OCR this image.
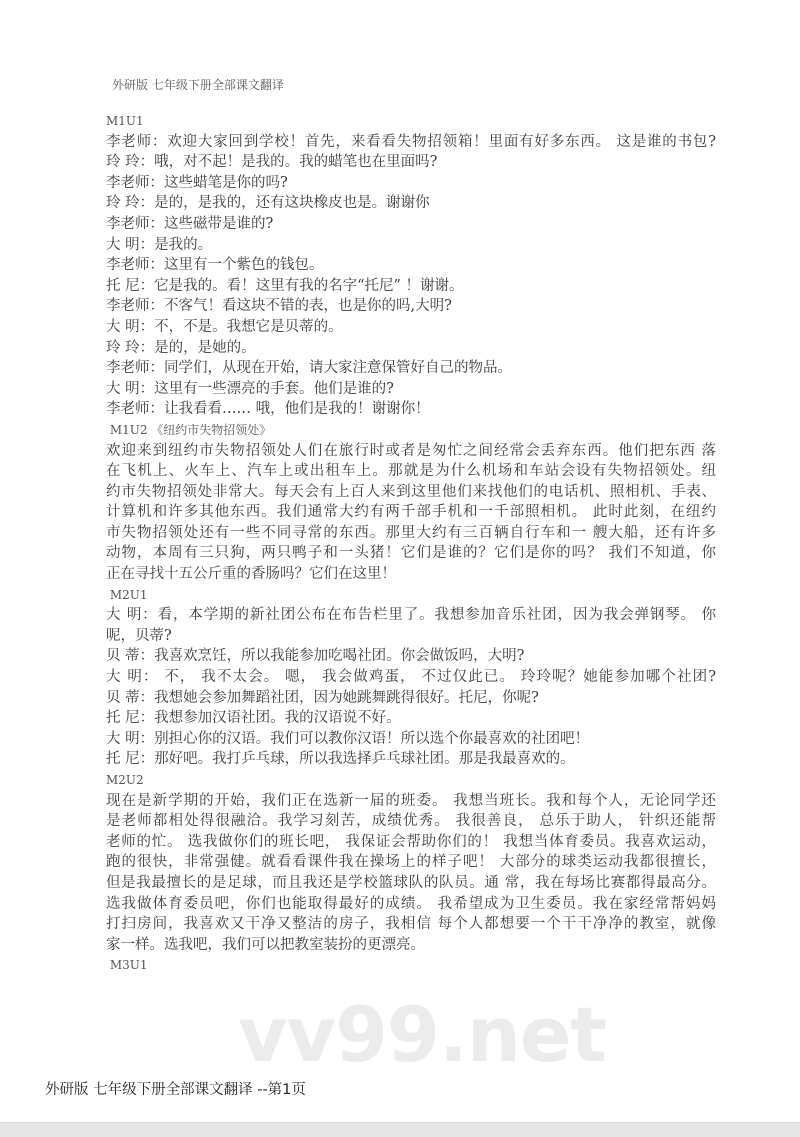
外研版 七年级下册全部课文翻译
M1U1
李老师：欢迎大家回到学校！首先，来看看失物招领箱！里面有好多东西。 这是谁的书包?
玲 玲：哦，对不起！是我的。我的蜡笔也在里面吗?
李老师：这些蜡笔是你的吗?
玲 玲：是的，是我的，还有这块橡皮也是。谢谢你
李老师：这些磁带是谁的?
大 明：是我的。
李老师：这里有一个紫色的钱包。
托 尼：它是我的。看！这里有我的名字“托尼” ！谢谢。
李老师：不客气！看这块不错的表，也是你的吗,大明?
大 明：不，不是。我想它是贝蒂的。
玲 玲：是的，是她的。
李老师：同学们，从现在开始，请大家注意保管好自己的物品。
大 明：这里有一些漂亮的手套。他们是谁的?
李老师：让我看看…… 哦，他们是我的！谢谢你！
M1U2 《纽约市失物招领处》
欢迎来到纽约市失物招领处人们在旅行时或者是匆忙之间经常会丢弃东西。他们把东西 落
在飞机上、火车上、汽车上或出租车上。那就是为什么机场和车站会设有失物招领处。纽
约市失物招领处非常大。每天会有上百人来到这里他们来找他们的电话机、照相机、手表、
计算机和许多其他东西。我们通常大约有两千部手机和一千部照相机。 此时此刻，在纽约
市失物招领处还有一些不同寻常的东西。那里大约有三百辆自行车和一 艘大船，还有许多
动物，本周有三只狗，两只鸭子和一头猪！它们是谁的？它们是你的吗？ 我们不知道，你
正在寻找十五公斤重的香肠吗？它们在这里！
M2U1
大 明：看，本学期的新社团公布在布告栏里了。我想参加音乐社团，因为我会弹钢琴。 你
呢，贝蒂?
贝 蒂：我喜欢烹饪，所以我能参加吃喝社团。你会做饭吗，大明?
大 明： 不， 我不太会。 嗯， 我会做鸡蛋， 不过仅此已。 玲玲呢？她能参加哪个社团?
贝 蒂：我想她会参加舞蹈社团，因为她跳舞跳得很好。托尼，你呢?
托 尼：我想参加汉语社团。我的汉语说不好。
大 明：别担心你的汉语。我们可以教你汉语！所以选个你最喜欢的社团吧！
托 尼：那好吧。我打乒乓球，所以我选择乒乓球社团。那是我最喜欢的。
M2U2
现在是新学期的开始，我们正在选新一届的班委。 我想当班长。我和每个人，无论同学还
是老师都相处得很融洽。我学习刻苦，成绩优秀。 我很善良， 总乐于助人， 针织还能帮
老师的忙。 选我做你们的班长吧， 我保证会帮助你们的！ 我想当体育委员。我喜欢运动，
跑的很快，非常强健。就看看课件我在操场上的样子吧！ 大部分的球类运动我都很擅长，
但是我最擅长的是足球，而且我还是学校篮球队的队员。通 常，我在每场比赛都得最高分。
选我做体育委员吧，你们也能取得最好的成绩。 我希望成为卫生委员。我在家经常帮妈妈
打扫房间，我喜欢又干净又整洁的房子，我相信 每个人都想要一个干干净净的教室，就像
家一样。选我吧，我们可以把教室装扮的更漂亮。
M3U1
vv99.net
外研版 七年级下册全部课文翻译 --第1页
